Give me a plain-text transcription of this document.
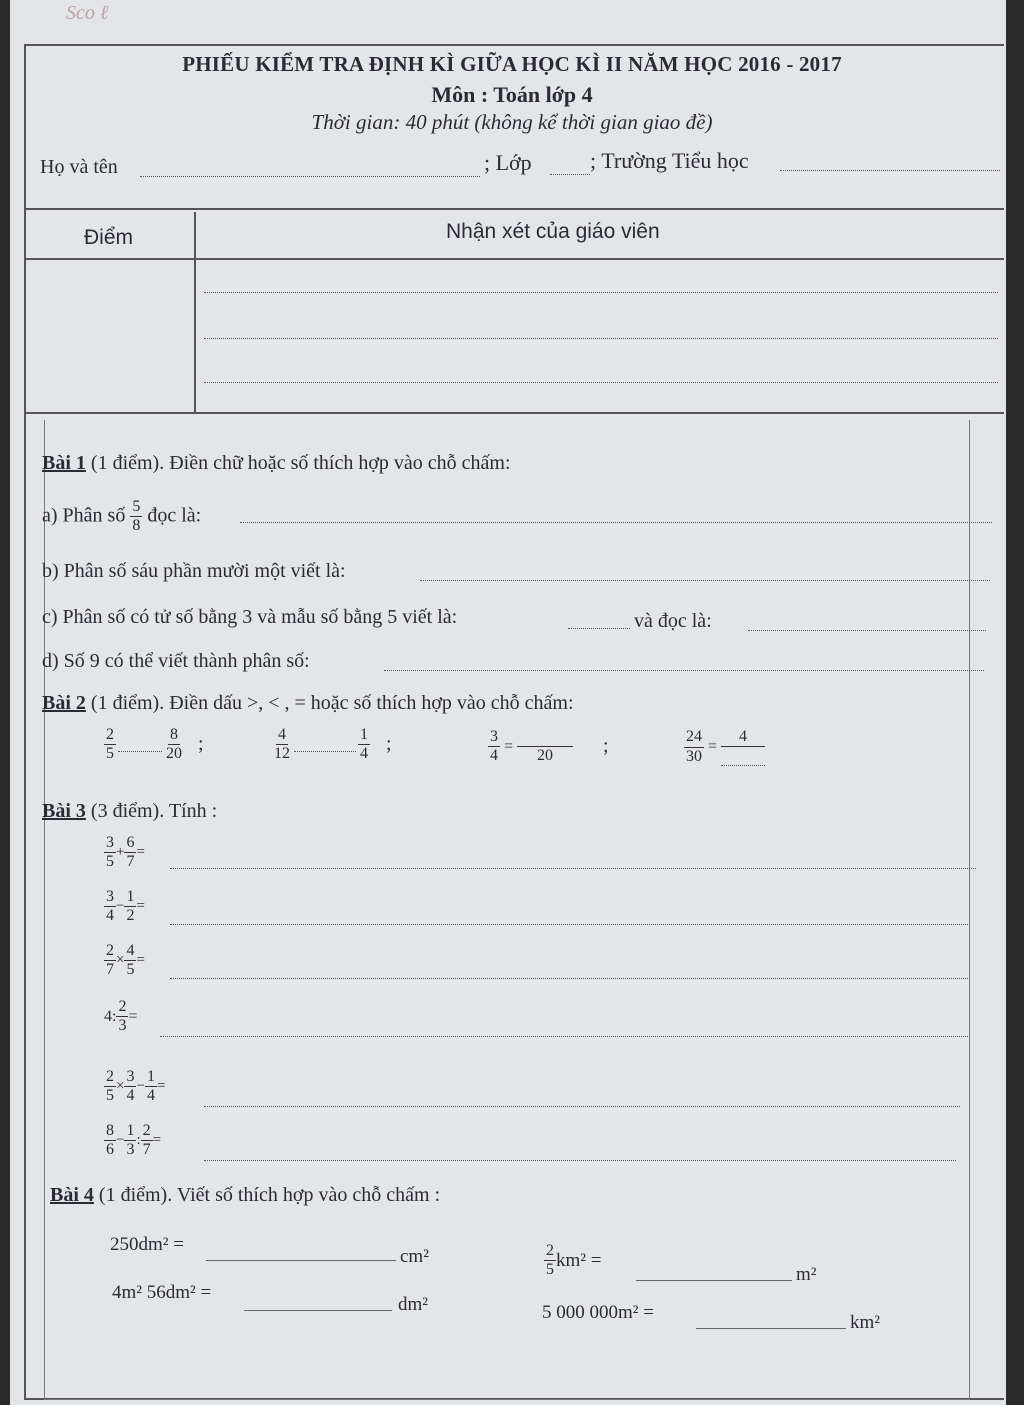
Sco ℓ
PHIẾU KIỂM TRA ĐỊNH KÌ GIỮA HỌC KÌ II NĂM HỌC 2016 - 2017
Môn : Toán lớp 4
Thời gian: 40 phút (không kể thời gian giao đề)
Họ và tên	; Lớp	; Trường Tiểu học
Điểm	Nhận xét của giáo viên
Bài 1 (1 điểm). Điền chữ hoặc số thích hợp vào chỗ chấm:
a) Phân số $\frac{5}{8}$ đọc là:
b) Phân số sáu phần mười một viết là:
c) Phân số có tử số bằng 3 và mẫu số bằng 5 viết là:	và đọc là:
d) Số 9 có thể viết thành phân số:
Bài 2 (1 điểm). Điền dấu >, < , = hoặc số thích hợp vào chỗ chấm:
$\frac{2}{5}$	$\frac{8}{20}$ ;	$\frac{4}{12}$	$\frac{1}{4}$ ;	$\frac{3}{4}$ =
20	;	$\frac{24}{30}$ =
4
Bài 3 (3 điểm). Tính :
$\frac{3}{5} + \frac{6}{7}$ =
$\frac{3}{4} - \frac{1}{2}$ =
$\frac{2}{7} \times \frac{4}{5}$ =
4: $\frac{2}{3}$ =
$\frac{2}{5} \times \frac{3}{4} - \frac{1}{4}$ =
$\frac{8}{6} - \frac{1}{3}$ : $\frac{2}{7}$ =
Bài 4 (1 điểm). Viết số thích hợp vào chỗ chấm :
250dm² =
cm²	$\frac{2}{5} km^2$ =
m²
4m² 56dm² =
dm²	5 000 000m² =	km²
